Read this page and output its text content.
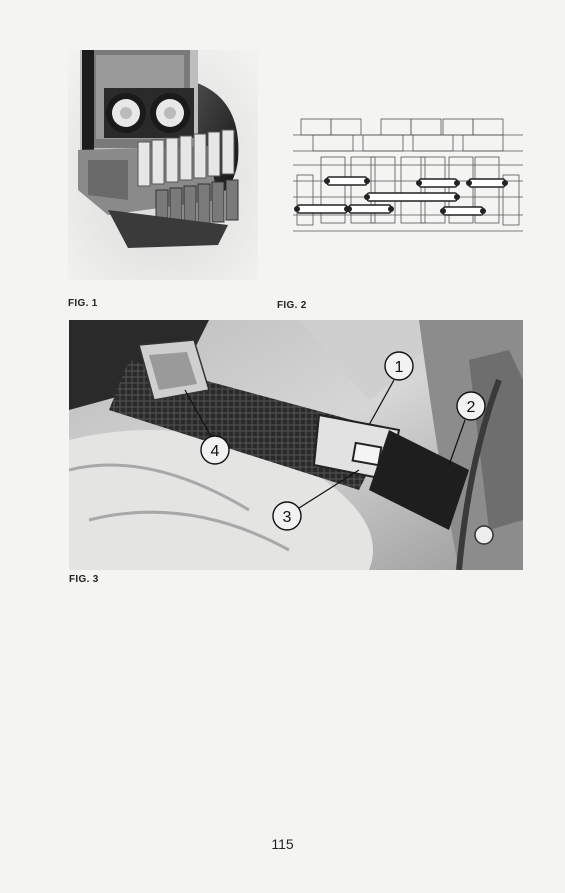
FIG. 1	FIG. 2
1
2
3
4
FIG. 3
115
